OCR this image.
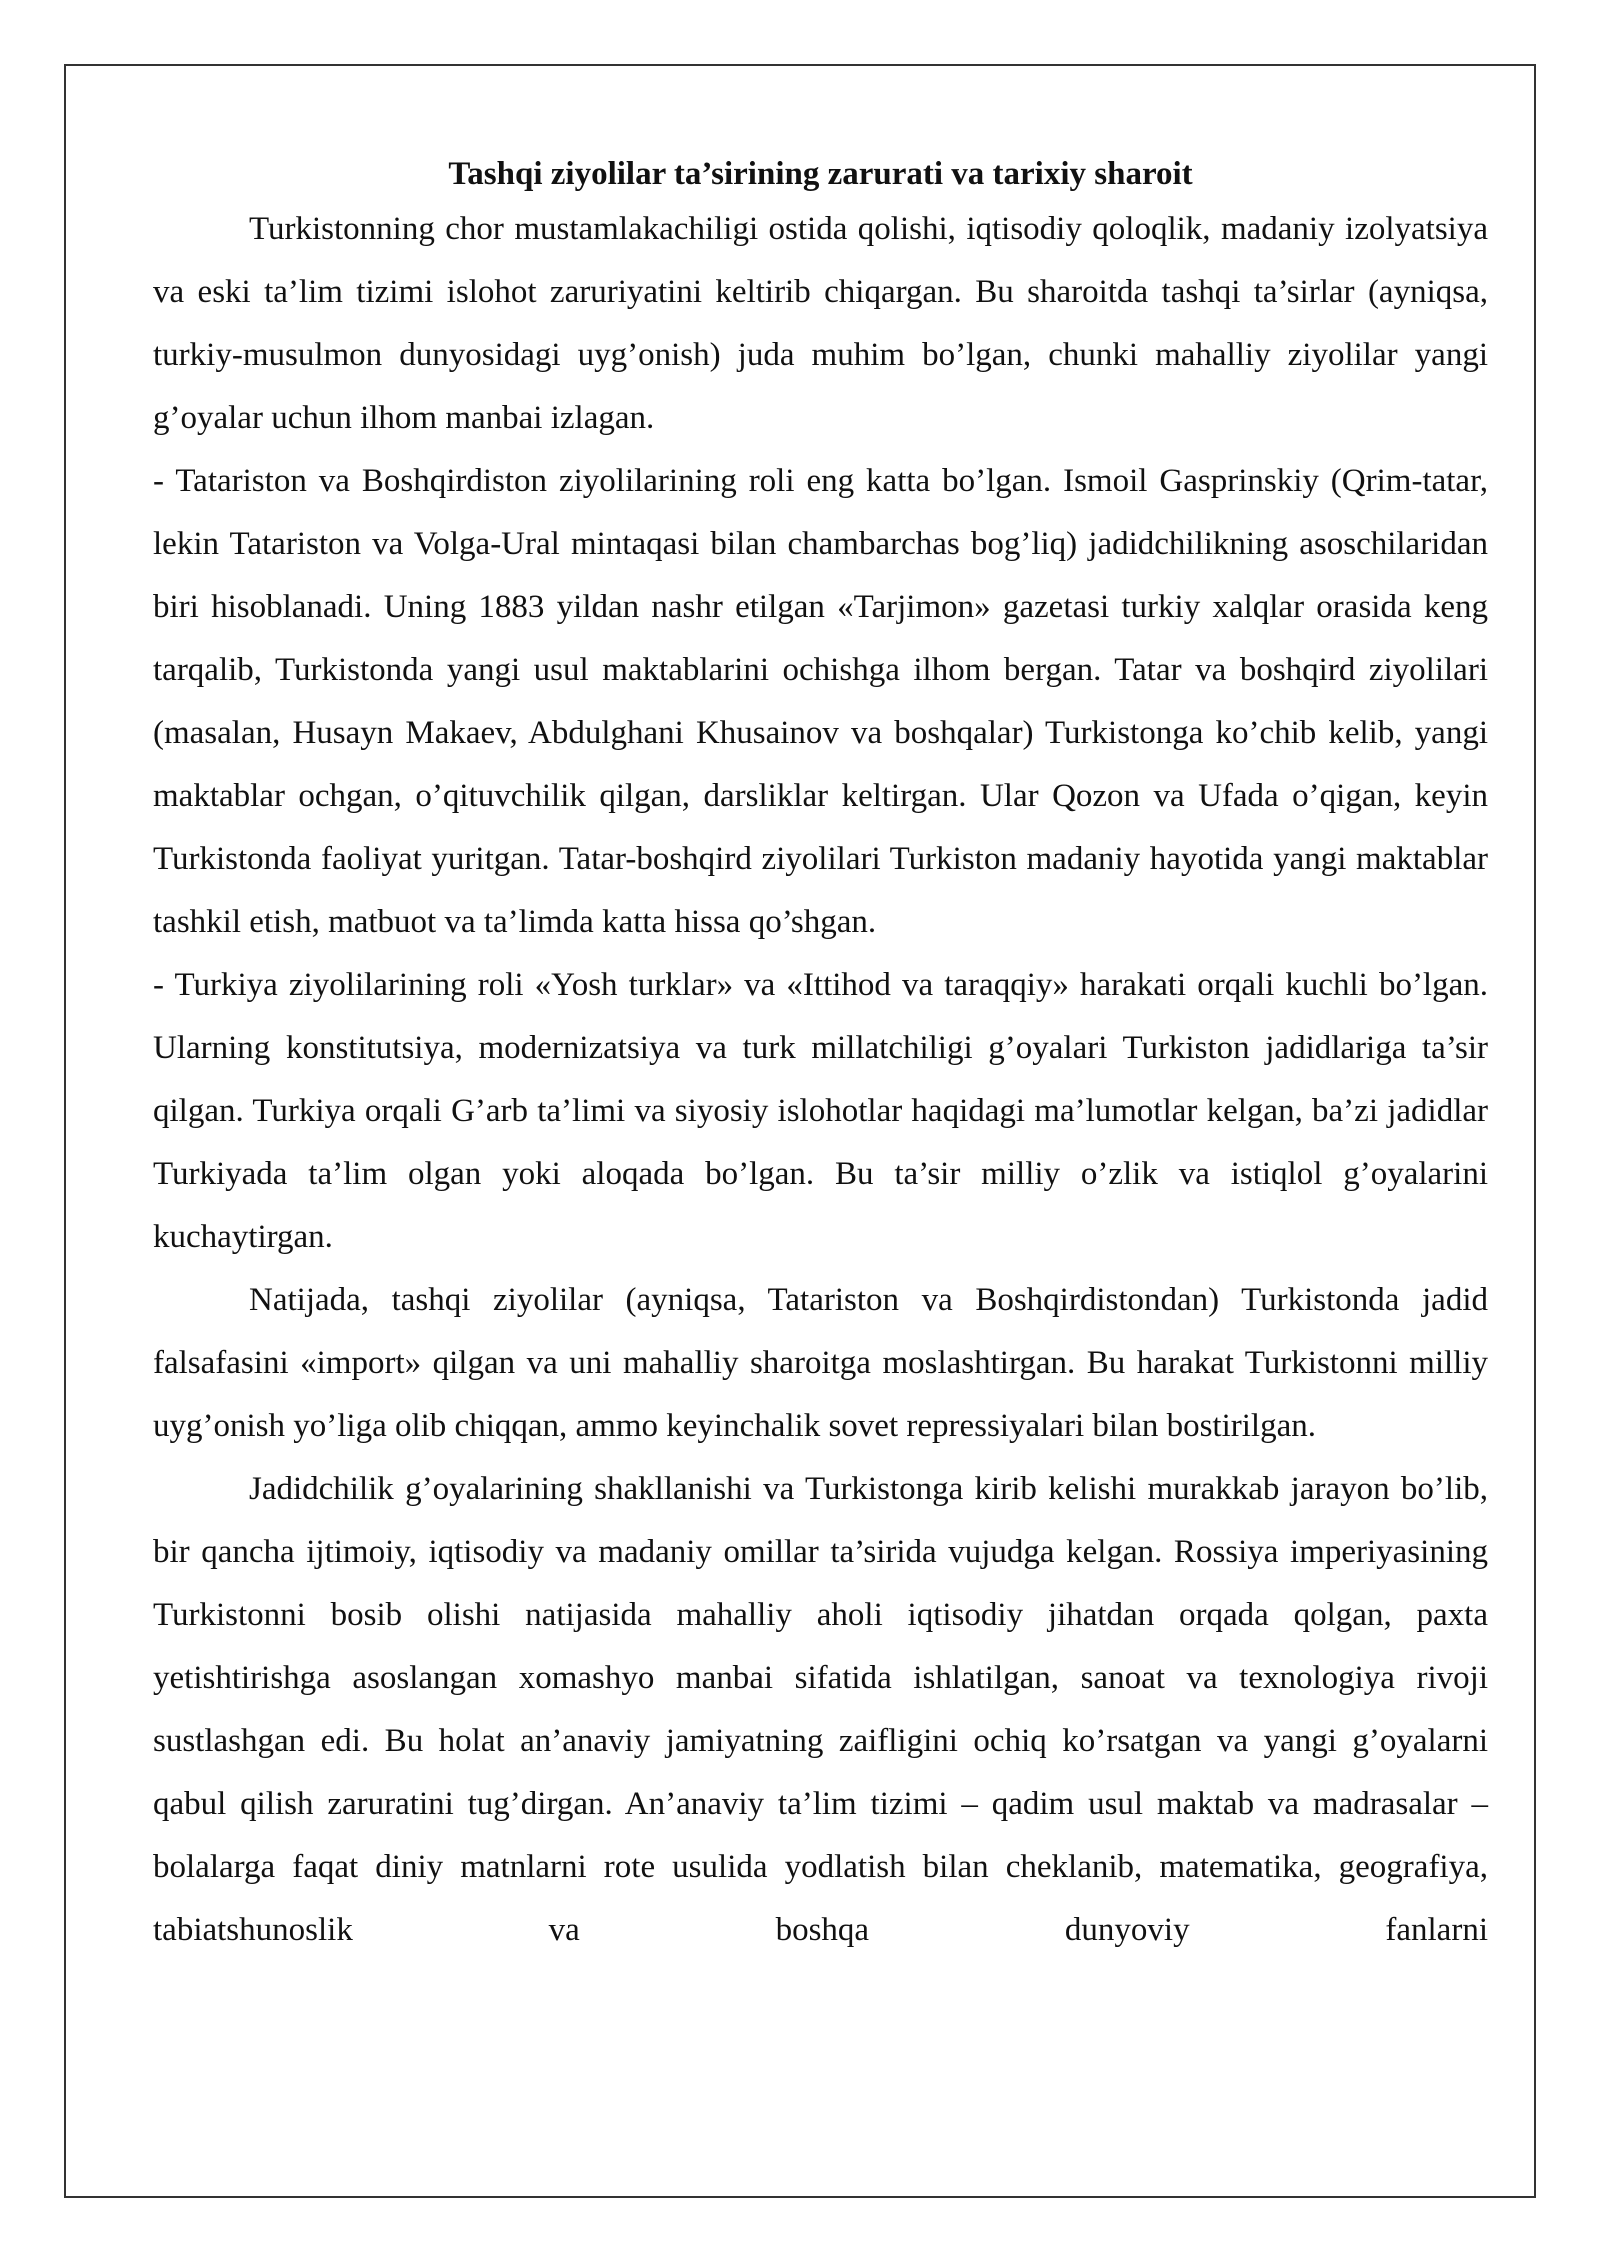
Tashqi ziyolilar ta’sirining zarurati va tarixiy sharoit

Turkistonning chor mustamlakachiligi ostida qolishi, iqtisodiy qoloqlik, madaniy izolyatsiya va eski ta’lim tizimi islohot zaruriyatini keltirib chiqargan. Bu sharoitda tashqi ta’sirlar (ayniqsa, turkiy-musulmon dunyosidagi uyg’onish) juda muhim bo’lgan, chunki mahalliy ziyolilar yangi g’oyalar uchun ilhom manbai izlagan.

- Tatariston va Boshqirdiston ziyolilarining roli eng katta bo’lgan. Ismoil Gasprinskiy (Qrim-tatar, lekin Tatariston va Volga-Ural mintaqasi bilan chambarchas bog’liq) jadidchilikning asoschilaridan biri hisoblanadi. Uning 1883 yildan nashr etilgan «Tarjimon» gazetasi turkiy xalqlar orasida keng tarqalib, Turkistonda yangi usul maktablarini ochishga ilhom bergan. Tatar va boshqird ziyolilari (masalan, Husayn Makaev, Abdulghani Khusainov va boshqalar) Turkistonga ko’chib kelib, yangi maktablar ochgan, o’qituvchilik qilgan, darsliklar keltirgan. Ular Qozon va Ufada o’qigan, keyin Turkistonda faoliyat yuritgan. Tatar-boshqird ziyolilari Turkiston madaniy hayotida yangi maktablar tashkil etish, matbuot va ta’limda katta hissa qo’shgan.

- Turkiya ziyolilarining roli «Yosh turklar» va «Ittihod va taraqqiy» harakati orqali kuchli bo’lgan. Ularning konstitutsiya, modernizatsiya va turk millatchiligi g’oyalari Turkiston jadidlariga ta’sir qilgan. Turkiya orqali G’arb ta’limi va siyosiy islohotlar haqidagi ma’lumotlar kelgan, ba’zi jadidlar Turkiyada ta’lim olgan yoki aloqada bo’lgan. Bu ta’sir milliy o’zlik va istiqlol g’oyalarini kuchaytirgan.

Natijada, tashqi ziyolilar (ayniqsa, Tatariston va Boshqirdistondan) Turkistonda jadid falsafasini «import» qilgan va uni mahalliy sharoitga moslashtirgan. Bu harakat Turkistonni milliy uyg’onish yo’liga olib chiqqan, ammo keyinchalik sovet repressiyalari bilan bostirilgan.

Jadidchilik g’oyalarining shakllanishi va Turkistonga kirib kelishi murakkab jarayon bo’lib, bir qancha ijtimoiy, iqtisodiy va madaniy omillar ta’sirida vujudga kelgan. Rossiya imperiyasining Turkistonni bosib olishi natijasida mahalliy aholi iqtisodiy jihatdan orqada qolgan, paxta yetishtirishga asoslangan xomashyo manbai sifatida ishlatilgan, sanoat va texnologiya rivoji sustlashgan edi. Bu holat an’anaviy jamiyatning zaifligini ochiq ko’rsatgan va yangi g’oyalarni qabul qilish zaruratini tug’dirgan. An’anaviy ta’lim tizimi – qadim usul maktab va madrasalar – bolalarga faqat diniy matnlarni rote usulida yodlatish bilan cheklanib, matematika, geografiya, tabiatshunoslik va boshqa dunyoviy fanlarni
